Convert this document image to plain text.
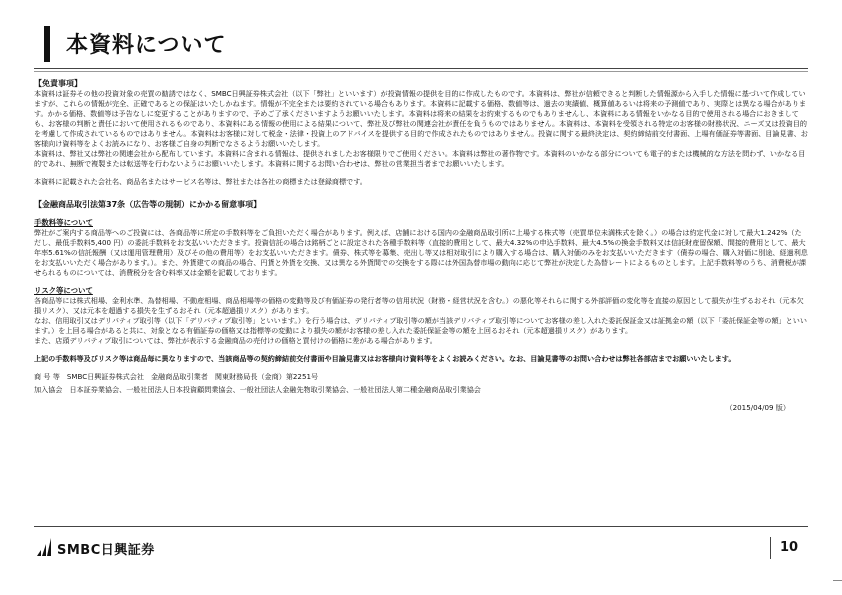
本資料について

【免責事項】

本資料は証券その他の投資対象の売買の勧誘ではなく、SMBC日興証券株式会社（以下「弊社」といいます）が投資情報の提供を目的に作成したものです。本資料は、弊社が信頼できると判断した情報源から入手した情報に基づいて作成していますが、これらの情報が完全、正確であるとの保証はいたしかねます。情報が不完全または要約されている場合もあります。本資料に記載する価格、数値等は、過去の実績値、概算値あるいは将来の予測値であり、実際とは異なる場合があります。かかる価格、数値等は予告なしに変更することがありますので、予めご了承くださいますようお願いいたします。本資料は将来の結果をお約束するものでもありませんし、本資料にある情報をいかなる目的で使用される場合におきましても、お客様の判断と責任において使用されるものであり、本資料にある情報の使用による結果について、弊社及び弊社の関連会社が責任を負うものではありません。本資料は、本資料を受領される特定のお客様の財務状況、ニーズ又は投資目的を考慮して作成されているものではありません。本資料はお客様に対して税金・法律・投資上のアドバイスを提供する目的で作成されたものではありません。投資に関する最終決定は、契約締結前交付書面、上場有価証券等書面、目論見書、お客様向け資料等をよくお読みになり、お客様ご自身の判断でなさるようお願いいたします。

本資料は、弊社又は弊社の関連会社から配布しています。本資料に含まれる情報は、提供されましたお客様限りでご使用ください。本資料は弊社の著作物です。本資料のいかなる部分についても電子的または機械的な方法を問わず、いかなる目的であれ、無断で複製または転送等を行わないようにお願いいたします。本資料に関するお問い合わせは、弊社の営業担当者までお願いいたします。

本資料に記載された会社名、商品名またはサービス名等は、弊社または各社の商標または登録商標です。

【金融商品取引法第37条（広告等の規制）にかかる留意事項】

手数料等について

弊社がご案内する商品等へのご投資には、各商品等に所定の手数料等をご負担いただく場合があります。例えば、店舗における国内の金融商品取引所に上場する株式等（売買単位未満株式を除く。）の場合は約定代金に対して最大1.242%（ただし、最低手数料5,400 円）の委託手数料をお支払いいただきます。投資信託の場合は銘柄ごとに設定された各種手数料等（直接的費用として、最大4.32%の申込手数料、最大4.5%の換金手数料又は信託財産留保額、間接的費用として、最大年率5.61%の信託報酬（又は運用管理費用）及びその他の費用等）をお支払いいただきます。債券、株式等を募集、売出し等又は相対取引により購入する場合は、購入対価のみをお支払いいただきます（債券の場合、購入対価に別途、経過利息をお支払いいただく場合があります。）。また、外貨建ての商品の場合、円貨と外貨を交換、又は異なる外貨間での交換をする際には外国為替市場の動向に応じて弊社が決定した為替レートによるものとします。上記手数料等のうち、消費税が課せられるものについては、消費税分を含む料率又は金額を記載しております。

リスク等について

各商品等には株式相場、金利水準、為替相場、不動産相場、商品相場等の価格の変動等及び有価証券の発行者等の信用状況（財務・経営状況を含む。）の悪化等それらに関する外部評価の変化等を直接の原因として損失が生ずるおそれ（元本欠損リスク）、又は元本を超過する損失を生ずるおそれ（元本超過損リスク）があります。

なお、信用取引又はデリバティブ取引等（以下「デリバティブ取引等」といいます。）を行う場合は、デリバティブ取引等の額が当該デリバティブ取引等についてお客様の差し入れた委託保証金又は証拠金の額（以下「委託保証金等の額」といいます。）を上回る場合があると共に、対象となる有価証券の価格又は指標等の変動により損失の額がお客様の差し入れた委託保証金等の額を上回るおそれ（元本超過損リスク）があります。

また、店頭デリバティブ取引については、弊社が表示する金融商品の売付けの価格と買付けの価格に差がある場合があります。

上記の手数料等及びリスク等は商品毎に異なりますので、当該商品等の契約締結前交付書面や目論見書又はお客様向け資料等をよくお読みください。なお、目論見書等のお問い合わせは弊社各部店までお願いいたします。

商 号 等　SMBC日興証券株式会社　金融商品取引業者　関東財務局長（金商）第2251号

加入協会　日本証券業協会、一般社団法人日本投資顧問業協会、一般社団法人金融先物取引業協会、一般社団法人第二種金融商品取引業協会

（2015/04/09 版）

SMBC日興証券	10
